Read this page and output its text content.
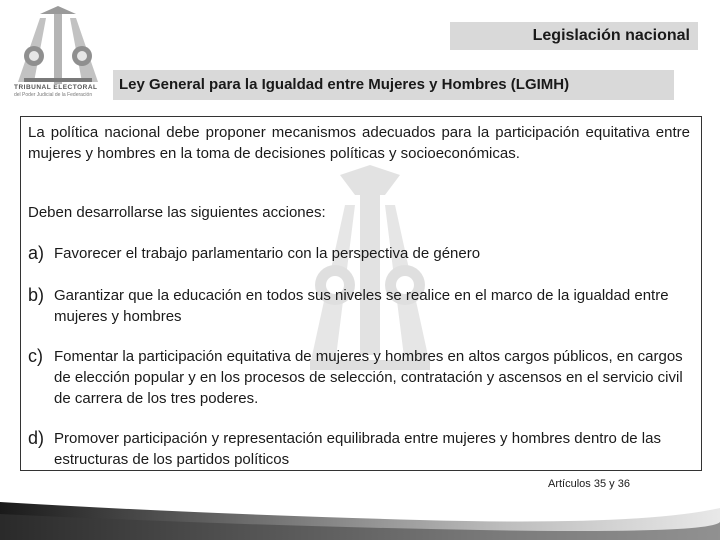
TRIBUNAL ELECTORAL
del Poder Judicial de la Federación
Legislación nacional
Ley General para la Igualdad entre Mujeres y Hombres (LGIMH)
La política nacional debe proponer mecanismos adecuados para la participación equitativa entre mujeres y hombres en la toma de decisiones políticas y socioeconómicas.
Deben desarrollarse las siguientes acciones:
a) Favorecer el trabajo parlamentario con la perspectiva de género
b) Garantizar que la educación en todos sus niveles se realice en el marco de la igualdad entre mujeres y hombres
c) Fomentar la participación equitativa de mujeres y hombres en altos cargos públicos, en cargos de elección popular y en los procesos de selección, contratación y ascensos en el servicio civil de carrera de los tres poderes.
d) Promover participación y representación equilibrada entre mujeres y hombres dentro de las estructuras de los partidos políticos
Artículos 35 y 36
